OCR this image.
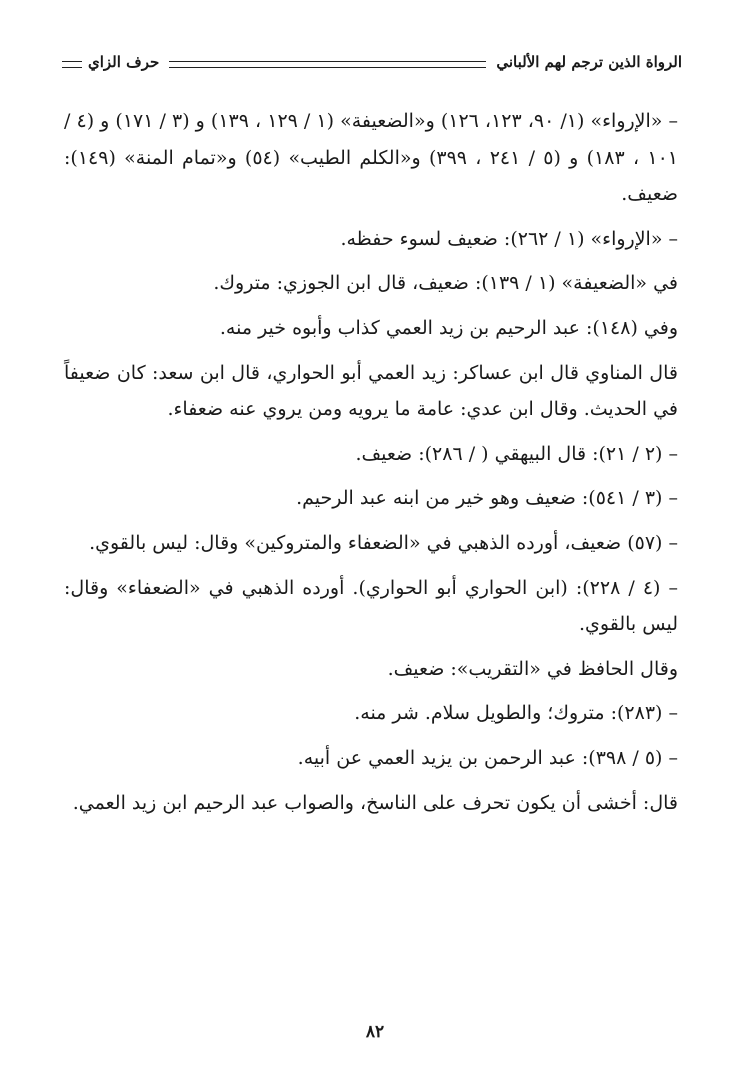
الرواة الذين ترجم لهم الألباني
حرف الزاي

– «الإرواء» (١/ ٩٠، ١٢٣، ١٢٦) و«الضعيفة» (١ / ١٢٩ ، ١٣٩) و (٣ / ١٧١) و (٤ / ١٠١ ، ١٨٣) و (٥ / ٢٤١ ، ٣٩٩) و«الكلم الطيب» (٥٤) و«تمام المنة» (١٤٩): ضعيف.

– «الإرواء» (١ / ٢٦٢): ضعيف لسوء حفظه.

في «الضعيفة» (١ / ١٣٩): ضعيف، قال ابن الجوزي: متروك.

وفي (١٤٨): عبد الرحيم بن زيد العمي كذاب وأبوه خير منه.

قال المناوي قال ابن عساكر: زيد العمي أبو الحواري، قال ابن سعد: كان ضعيفاً في الحديث. وقال ابن عدي: عامة ما يرويه ومن يروي عنه ضعفاء.

– (٢ / ٢١): قال البيهقي ( / ٢٨٦): ضعيف.

– (٣ / ٥٤١): ضعيف وهو خير من ابنه عبد الرحيم.

– (٥٧) ضعيف، أورده الذهبي في «الضعفاء والمتروكين» وقال: ليس بالقوي.

– (٤ / ٢٢٨): (ابن الحواري أبو الحواري). أورده الذهبي في «الضعفاء» وقال: ليس بالقوي.

وقال الحافظ في «التقريب»: ضعيف.

– (٢٨٣): متروك؛ والطويل سلام. شر منه.

– (٥ / ٣٩٨): عبد الرحمن بن يزيد العمي عن أبيه.

قال: أخشى أن يكون تحرف على الناسخ، والصواب عبد الرحيم ابن زيد العمي.

٨٢
